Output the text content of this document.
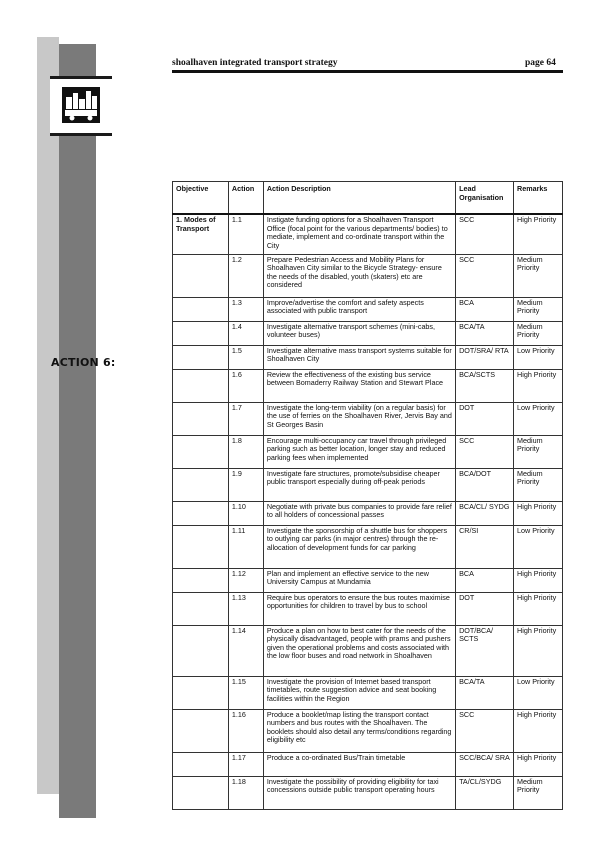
ACTION 6:
shoalhaven integrated transport strategy	page 64
Objective	Action	Action Description	Lead Organisation	Remarks
1. Modes of Transport	1.1	Instigate funding options for a Shoalhaven Transport Office (focal point for the various departments/ bodies) to mediate, implement and co-ordinate transport within the City	SCC	High Priority
	1.2	Prepare Pedestrian Access and Mobility Plans for Shoalhaven City similar to the Bicycle Strategy- ensure the needs of the disabled, youth (skaters) etc are considered	SCC	Medium Priority
	1.3	Improve/advertise the comfort and safety aspects associated with public transport	BCA	Medium Priority
	1.4	Investigate alternative transport schemes (mini-cabs, volunteer buses)	BCA/TA	Medium Priority
	1.5	Investigate alternative mass transport systems suitable for Shoalhaven City	DOT/SRA/ RTA	Low Priority
	1.6	Review the effectiveness of the existing bus service between Bomaderry Railway Station and Stewart Place	BCA/SCTS	High Priority
	1.7	Investigate the long-term viability (on a regular basis) for the use of ferries on the Shoalhaven River, Jervis Bay and St Georges Basin	DOT	Low Priority
	1.8	Encourage multi-occupancy car travel through privileged parking such as better location, longer stay and reduced parking fees when implemented	SCC	Medium Priority
	1.9	Investigate fare structures, promote/subsidise cheaper public transport especially during off-peak periods	BCA/DOT	Medium Priority
	1.10	Negotiate with private bus companies to provide fare relief to all holders of concessional passes	BCA/CL/ SYDG	High Priority
	1.11	Investigate the sponsorship of a shuttle bus for shoppers to outlying car parks (in major centres) through the re-allocation of development funds for car parking	CR/SI	Low Priority
	1.12	Plan and implement an effective service to the new University Campus at Mundamia	BCA	High Priority
	1.13	Require bus operators to ensure the bus routes maximise opportunities for children to travel by bus to school	DOT	High Priority
	1.14	Produce a plan on how to best cater for the needs of the physically disadvantaged, people with prams and pushers given the operational problems and costs associated with the low floor buses and road network in Shoalhaven	DOT/BCA/ SCTS	High Priority
	1.15	Investigate the provision of Internet based transport timetables, route suggestion advice and seat booking facilities within the Region	BCA/TA	Low Priority
	1.16	Produce a booklet/map listing the transport contact numbers and bus routes with the Shoalhaven. The booklets should also detail any terms/conditions regarding eligibility etc	SCC	High Priority
	1.17	Produce a co-ordinated Bus/Train timetable	SCC/BCA/ SRA	High Priority
	1.18	Investigate the possibility of providing eligibility for taxi concessions outside public transport operating hours	TA/CL/SYDG	Medium Priority
